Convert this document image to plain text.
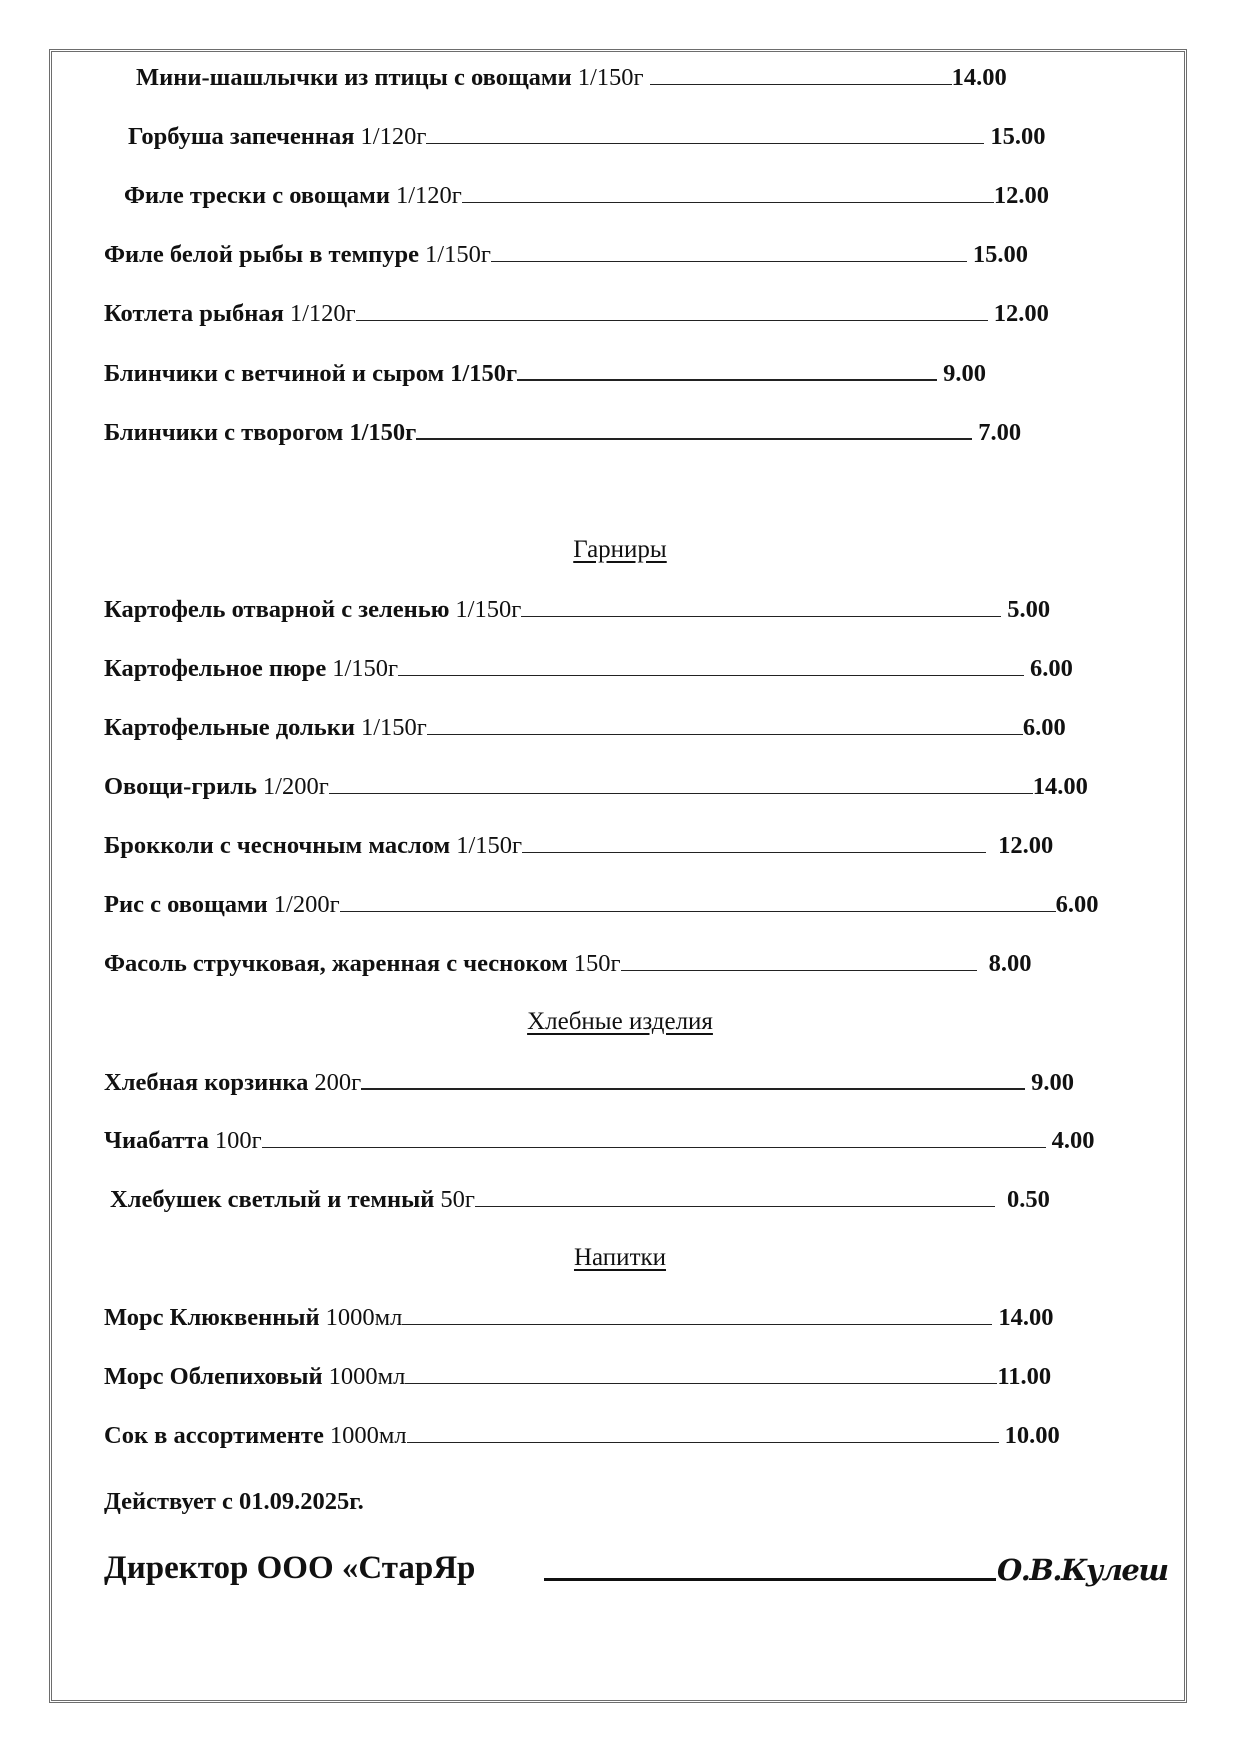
Мини-шашлычки из птицы с овощами 1/150г	14.00
Горбуша запеченная 1/120г	15.00
Филе трески с овощами 1/120г	12.00
Филе белой рыбы в темпуре 1/150г	15.00
Котлета рыбная 1/120г	12.00
Блинчики с ветчиной и сыром 1/150г	9.00
Блинчики с творогом 1/150г	7.00
Гарниры
Картофель отварной с зеленью 1/150г	5.00
Картофельное пюре 1/150г	6.00
Картофельные дольки 1/150г	6.00
Овощи-гриль 1/200г	14.00
Брокколи с чесночным маслом 1/150г	12.00
Рис с овощами 1/200г	6.00
Фасоль стручковая, жаренная с чесноком 150г	8.00
Хлебные изделия
Хлебная корзинка 200г	9.00
Чиабатта 100г	4.00
Хлебушек светлый и темный 50г	0.50
Напитки
Морс Клюквенный 1000мл	14.00
Морс Облепиховый 1000мл	11.00
Сок в ассортименте 1000мл	10.00
Действует с 01.09.2025г.
Директор ООО «СтарЯр	О.В.Кулеш
